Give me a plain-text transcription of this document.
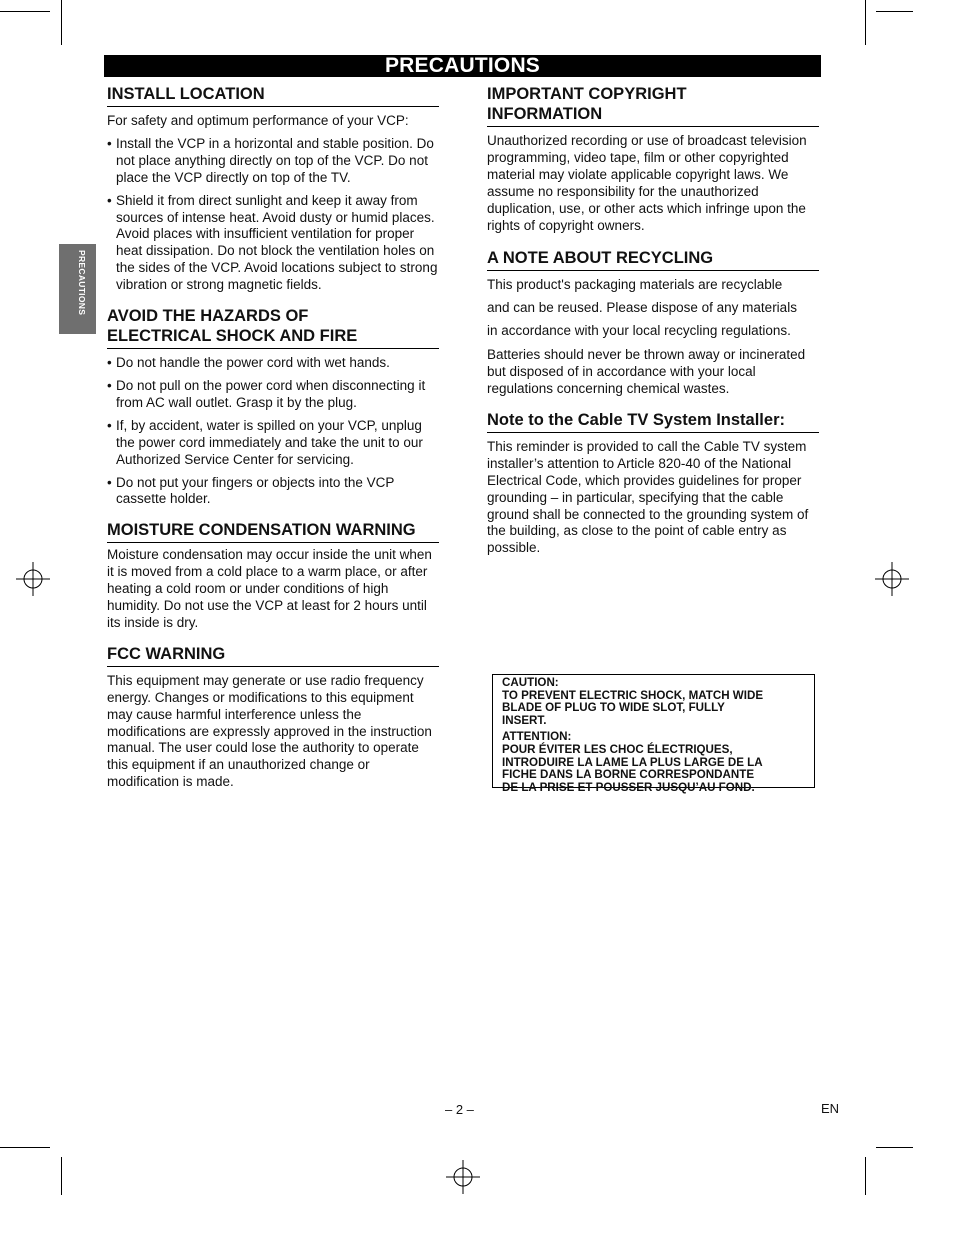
PRECAUTIONS
PRECAUTIONS
INSTALL LOCATION

For safety and optimum performance of your VCP:

• Install the VCP in a horizontal and stable position. Do not place anything directly on top of the VCP. Do not place the VCP directly on top of the TV.
• Shield it from direct sunlight and keep it away from sources of intense heat. Avoid dusty or humid places. Avoid places with insufficient ventilation for proper heat dissipation. Do not block the ventilation holes on the sides of the VCP. Avoid locations subject to strong vibration or strong magnetic fields.
AVOID THE HAZARDS OF ELECTRICAL SHOCK AND FIRE
• Do not handle the power cord with wet hands.
• Do not pull on the power cord when disconnecting it from AC wall outlet. Grasp it by the plug.
• If, by accident, water is spilled on your VCP, unplug the power cord immediately and take the unit to our Authorized Service Center for servicing.
• Do not put your fingers or objects into the VCP cassette holder.
MOISTURE CONDENSATION WARNING

Moisture condensation may occur inside the unit when it is moved from a cold place to a warm place, or after heating a cold room or under conditions of high humidity. Do not use the VCP at least for 2 hours until its inside is dry.

FCC WARNING

This equipment may generate or use radio frequency energy. Changes or modifications to this equipment may cause harmful interference unless the modifications are expressly approved in the instruction manual. The user could lose the authority to operate this equipment if an unauthorized change or modification is made.

IMPORTANT COPYRIGHT INFORMATION

Unauthorized recording or use of broadcast television programming, video tape, film or other copyrighted material may violate applicable copyright laws. We assume no responsibility for the unauthorized duplication, use, or other acts which infringe upon the rights of copyright owners.

A NOTE ABOUT RECYCLING

This product's packaging materials are recyclable

and can be reused. Please dispose of any materials

in accordance with your local recycling regulations.

Batteries should never be thrown away or incinerated but disposed of in accordance with your local regulations concerning chemical wastes.

Note to the Cable TV System Installer:

This reminder is provided to call the Cable TV system installer’s attention to Article 820-40 of the National Electrical Code, which provides guidelines for proper grounding – in particular, specifying that the cable ground shall be connected to the grounding system of the building, as close to the point of cable entry as possible.

CAUTION:
TO PREVENT ELECTRIC SHOCK, MATCH WIDE
BLADE OF PLUG TO WIDE SLOT, FULLY
INSERT.
ATTENTION:
POUR ÉVITER LES CHOC ÉLECTRIQUES,
INTRODUIRE LA LAME LA PLUS LARGE DE LA
FICHE DANS LA BORNE CORRESPONDANTE
DE LA PRISE ET POUSSER JUSQU’AU FOND.
– 2 –	EN
